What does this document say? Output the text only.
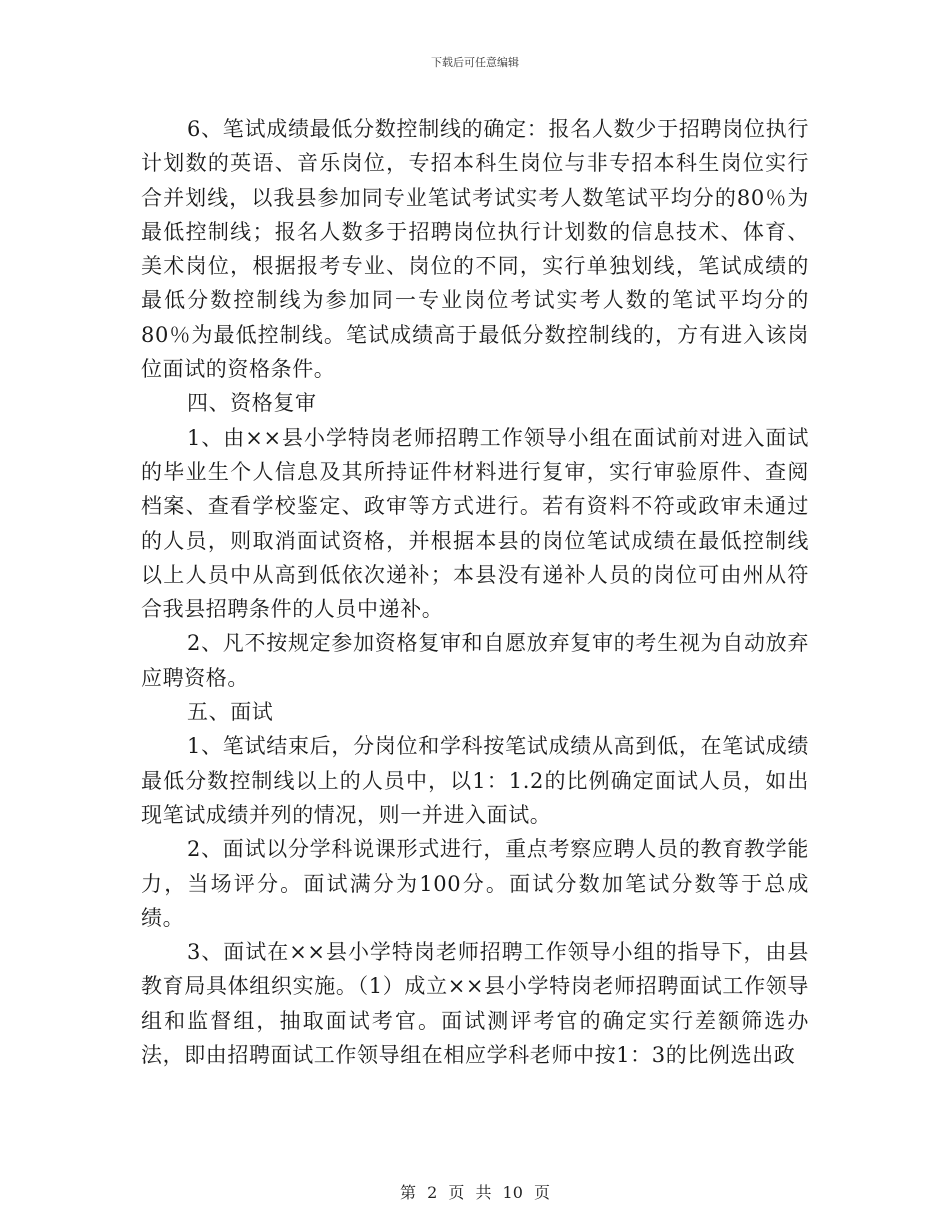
下载后可任意编辑

6、笔试成绩最低分数控制线的确定：报名人数少于招聘岗位执行计划数的英语、音乐岗位，专招本科生岗位与非专招本科生岗位实行合并划线，以我县参加同专业笔试考试实考人数笔试平均分的80％为最低控制线；报名人数多于招聘岗位执行计划数的信息技术、体育、美术岗位，根据报考专业、岗位的不同，实行单独划线，笔试成绩的最低分数控制线为参加同一专业岗位考试实考人数的笔试平均分的80％为最低控制线。笔试成绩高于最低分数控制线的，方有进入该岗位面试的资格条件。

四、资格复审

1、由××县小学特岗老师招聘工作领导小组在面试前对进入面试的毕业生个人信息及其所持证件材料进行复审，实行审验原件、查阅档案、查看学校鉴定、政审等方式进行。若有资料不符或政审未通过的人员，则取消面试资格，并根据本县的岗位笔试成绩在最低控制线以上人员中从高到低依次递补；本县没有递补人员的岗位可由州从符合我县招聘条件的人员中递补。

2、凡不按规定参加资格复审和自愿放弃复审的考生视为自动放弃应聘资格。

五、面试

1、笔试结束后，分岗位和学科按笔试成绩从高到低，在笔试成绩最低分数控制线以上的人员中，以1：1.2的比例确定面试人员，如出现笔试成绩并列的情况，则一并进入面试。

2、面试以分学科说课形式进行，重点考察应聘人员的教育教学能力，当场评分。面试满分为100分。面试分数加笔试分数等于总成绩。

3、面试在××县小学特岗老师招聘工作领导小组的指导下，由县教育局具体组织实施。（1）成立××县小学特岗老师招聘面试工作领导组和监督组，抽取面试考官。面试测评考官的确定实行差额筛选办法，即由招聘面试工作领导组在相应学科老师中按1：3的比例选出政

第 2 页 共 10 页
